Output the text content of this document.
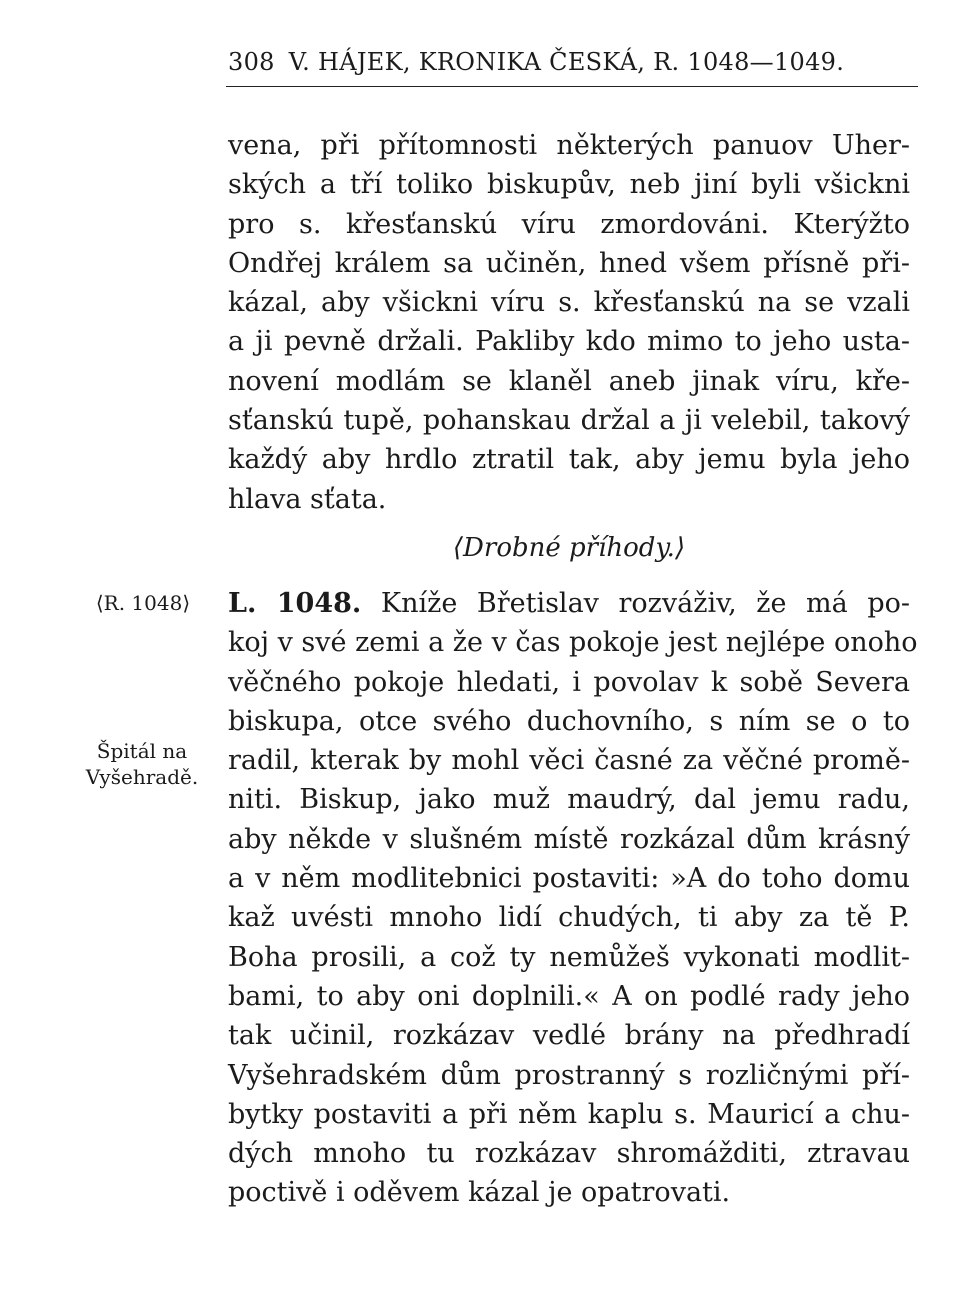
308 V. HÁJEK, KRONIKA ČESKÁ, R. 1048—1049.
vena, při přítomnosti některých panuov Uher-
ských a tří toliko biskupův, neb jiní byli všickni
pro s. křesťanskú víru zmordováni. Kterýžto
Ondřej králem sa učiněn, hned všem přísně při-
kázal, aby všickni víru s. křesťanskú na se vzali
a ji pevně držali. Pakliby kdo mimo to jeho usta-
novení modlám se klaněl aneb jinak víru, kře-
sťanskú tupě, pohanskau držal a ji velebil, takový
každý aby hrdlo ztratil tak, aby jemu byla jeho
hlava sťata.
⟨Drobné příhody.⟩
⟨R. 1048⟩
Špitál na
Vyšehradě.
L. 1048. Kníže Břetislav rozváživ, že má po-
koj v své zemi a že v čas pokoje jest nejlépe onoho
věčného pokoje hledati, i povolav k sobě Severa
biskupa, otce svého duchovního, s ním se o to
radil, kterak by mohl věci časné za věčné promě-
niti. Biskup, jako muž maudrý, dal jemu radu,
aby někde v slušném místě rozkázal dům krásný
a v něm modlitebnici postaviti: »A do toho domu
kaž uvésti mnoho lidí chudých, ti aby za tě P.
Boha prosili, a což ty nemůžeš vykonati modlit-
bami, to aby oni doplnili.« A on podlé rady jeho
tak učinil, rozkázav vedlé brány na předhradí
Vyšehradském dům prostranný s rozličnými pří-
bytky postaviti a při něm kaplu s. Mauricí a chu-
dých mnoho tu rozkázav shromážditi, ztravau
poctivě i oděvem kázal je opatrovati.
